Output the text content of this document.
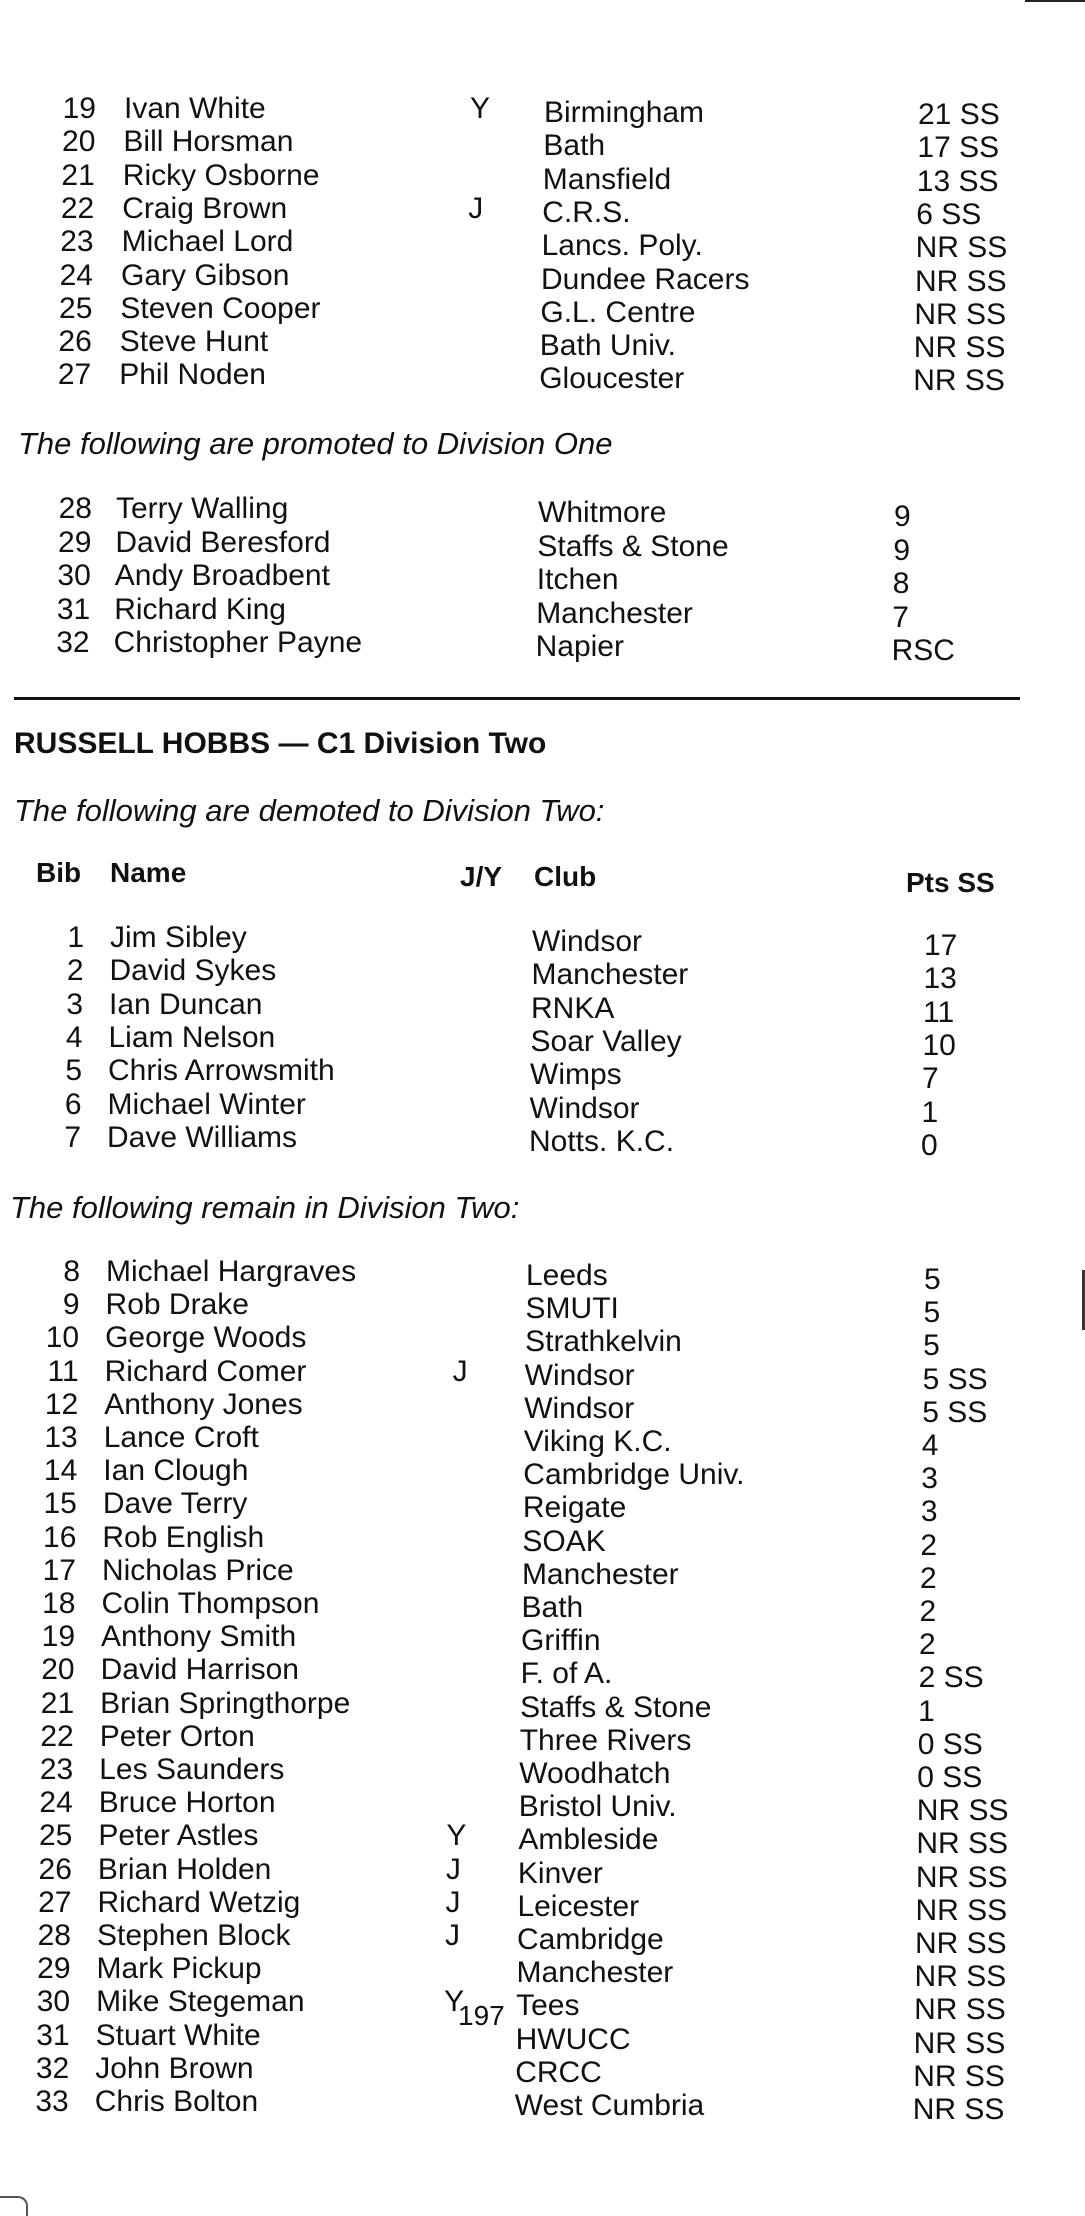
19 Ivan White	Y Birmingham	21 SS
20 Bill Horsman	Bath	17 SS
21 Ricky Osborne	Mansfield	13 SS
22 Craig Brown	J C.R.S.	6 SS
23 Michael Lord	Lancs. Poly.	NR SS
24 Gary Gibson	Dundee Racers	NR SS
25 Steven Cooper	G.L. Centre	NR SS
26 Steve Hunt	Bath Univ.	NR SS
27 Phil Noden	Gloucester	NR SS
The following are promoted to Division One
28 Terry Walling	Whitmore	9
29 David Beresford	Staffs & Stone	9
30 Andy Broadbent	Itchen	8
31 Richard King	Manchester	7
32 Christopher Payne	Napier	RSC
RUSSELL HOBBS — C1 Division Two
The following are demoted to Division Two:
Bib Name	J/Y Club	Pts SS
1 Jim Sibley	Windsor	17
2 David Sykes	Manchester	13
3 Ian Duncan	RNKA	11
4 Liam Nelson	Soar Valley	10
5 Chris Arrowsmith	Wimps	7
6 Michael Winter	Windsor	1
7 Dave Williams	Notts. K.C.	0
The following remain in Division Two:
8 Michael Hargraves	Leeds	5
9 Rob Drake	SMUTI	5
10 George Woods	Strathkelvin	5
11 Richard Comer	J Windsor	5 SS
12 Anthony Jones	Windsor	5 SS
13 Lance Croft	Viking K.C.	4
14 Ian Clough	Cambridge Univ.	3
15 Dave Terry	Reigate	3
16 Rob English	SOAK	2
17 Nicholas Price	Manchester	2
18 Colin Thompson	Bath	2
19 Anthony Smith	Griffin	2
20 David Harrison	F. of A.	2 SS
21 Brian Springthorpe	Staffs & Stone	1
22 Peter Orton	Three Rivers	0 SS
23 Les Saunders	Woodhatch	0 SS
24 Bruce Horton	Bristol Univ.	NR SS
25 Peter Astles	Y Ambleside	NR SS
26 Brian Holden	J Kinver	NR SS
27 Richard Wetzig	J Leicester	NR SS
28 Stephen Block	J Cambridge	NR SS
29 Mark Pickup	Manchester	NR SS
30 Mike Stegeman	Y Tees	NR SS
31 Stuart White	HWUCC	NR SS
32 John Brown	CRCC	NR SS
33 Chris Bolton	West Cumbria	NR SS
197
